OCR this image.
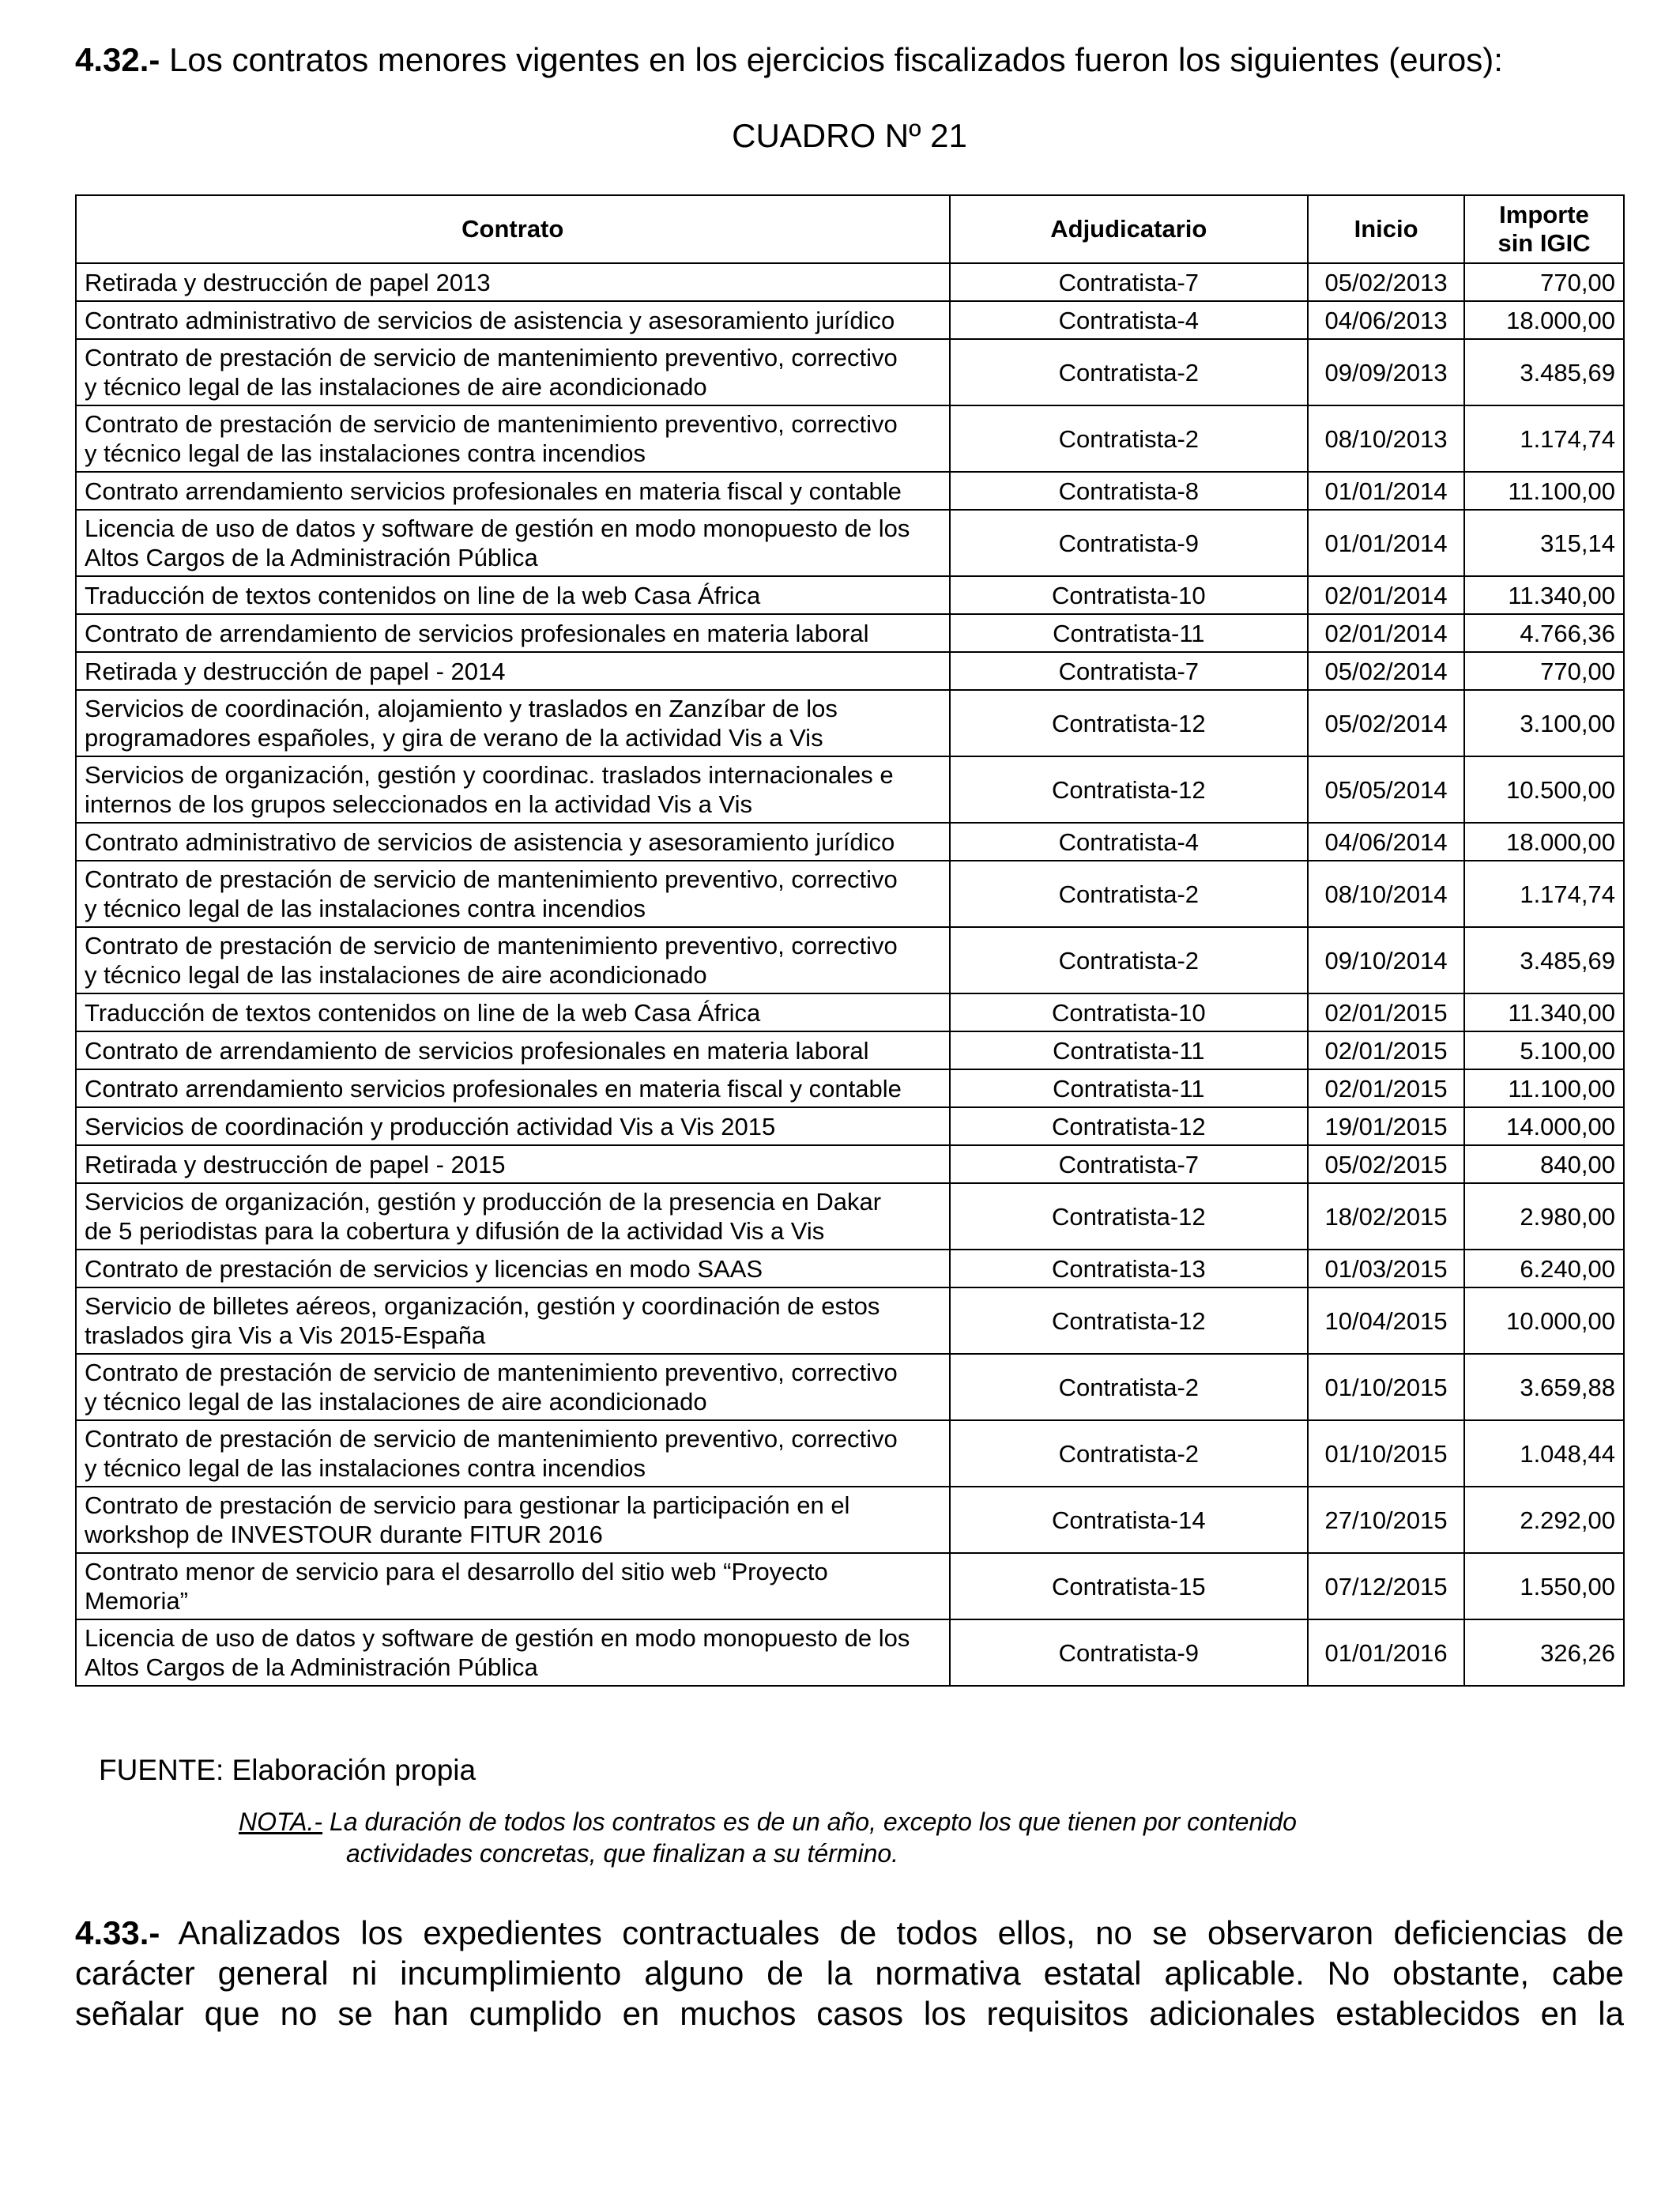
4.32.- Los contratos menores vigentes en los ejercicios fiscalizados fueron los siguientes (euros):
CUADRO Nº 21
Contrato	Adjudicatario	Inicio	Importe
sin IGIC
Retirada y destrucción de papel 2013	Contratista-7	05/02/2013	770,00
Contrato administrativo de servicios de asistencia y asesoramiento jurídico	Contratista-4	04/06/2013	18.000,00
Contrato de prestación de servicio de mantenimiento preventivo, correctivo
y técnico legal de las instalaciones de aire acondicionado	Contratista-2	09/09/2013	3.485,69
Contrato de prestación de servicio de mantenimiento preventivo, correctivo
y técnico legal de las instalaciones contra incendios	Contratista-2	08/10/2013	1.174,74
Contrato arrendamiento servicios profesionales en materia fiscal y contable	Contratista-8	01/01/2014	11.100,00
Licencia de uso de datos y software de gestión en modo monopuesto de los
Altos Cargos de la Administración Pública	Contratista-9	01/01/2014	315,14
Traducción de textos contenidos on line de la web Casa África	Contratista-10	02/01/2014	11.340,00
Contrato de arrendamiento de servicios profesionales en materia laboral	Contratista-11	02/01/2014	4.766,36
Retirada y destrucción de papel - 2014	Contratista-7	05/02/2014	770,00
Servicios de coordinación, alojamiento y traslados en Zanzíbar de los
programadores españoles, y gira de verano de la actividad Vis a Vis	Contratista-12	05/02/2014	3.100,00
Servicios de organización, gestión y coordinac. traslados internacionales e
internos de los grupos seleccionados en la actividad Vis a Vis	Contratista-12	05/05/2014	10.500,00
Contrato administrativo de servicios de asistencia y asesoramiento jurídico	Contratista-4	04/06/2014	18.000,00
Contrato de prestación de servicio de mantenimiento preventivo, correctivo
y técnico legal de las instalaciones contra incendios	Contratista-2	08/10/2014	1.174,74
Contrato de prestación de servicio de mantenimiento preventivo, correctivo
y técnico legal de las instalaciones de aire acondicionado	Contratista-2	09/10/2014	3.485,69
Traducción de textos contenidos on line de la web Casa África	Contratista-10	02/01/2015	11.340,00
Contrato de arrendamiento de servicios profesionales en materia laboral	Contratista-11	02/01/2015	5.100,00
Contrato arrendamiento servicios profesionales en materia fiscal y contable	Contratista-11	02/01/2015	11.100,00
Servicios de coordinación y producción actividad Vis a Vis 2015	Contratista-12	19/01/2015	14.000,00
Retirada y destrucción de papel - 2015	Contratista-7	05/02/2015	840,00
Servicios de organización, gestión y producción de la presencia en Dakar
de 5 periodistas para la cobertura y difusión de la actividad Vis a Vis	Contratista-12	18/02/2015	2.980,00
Contrato de prestación de servicios y licencias en modo SAAS	Contratista-13	01/03/2015	6.240,00
Servicio de billetes aéreos, organización, gestión y coordinación de estos
traslados gira Vis a Vis 2015-España	Contratista-12	10/04/2015	10.000,00
Contrato de prestación de servicio de mantenimiento preventivo, correctivo
y técnico legal de las instalaciones de aire acondicionado	Contratista-2	01/10/2015	3.659,88
Contrato de prestación de servicio de mantenimiento preventivo, correctivo
y técnico legal de las instalaciones contra incendios	Contratista-2	01/10/2015	1.048,44
Contrato de prestación de servicio para gestionar la participación en el
workshop de INVESTOUR durante FITUR 2016	Contratista-14	27/10/2015	2.292,00
Contrato menor de servicio para el desarrollo del sitio web “Proyecto
Memoria”	Contratista-15	07/12/2015	1.550,00
Licencia de uso de datos y software de gestión en modo monopuesto de los
Altos Cargos de la Administración Pública	Contratista-9	01/01/2016	326,26
FUENTE: Elaboración propia
NOTA.- La duración de todos los contratos es de un año, excepto los que tienen por contenido
actividades concretas, que finalizan a su término.
4.33.- Analizados los expedientes contractuales de todos ellos, no se observaron deficiencias de
carácter general ni incumplimiento alguno de la normativa estatal aplicable. No obstante, cabe
señalar que no se han cumplido en muchos casos los requisitos adicionales establecidos en la
